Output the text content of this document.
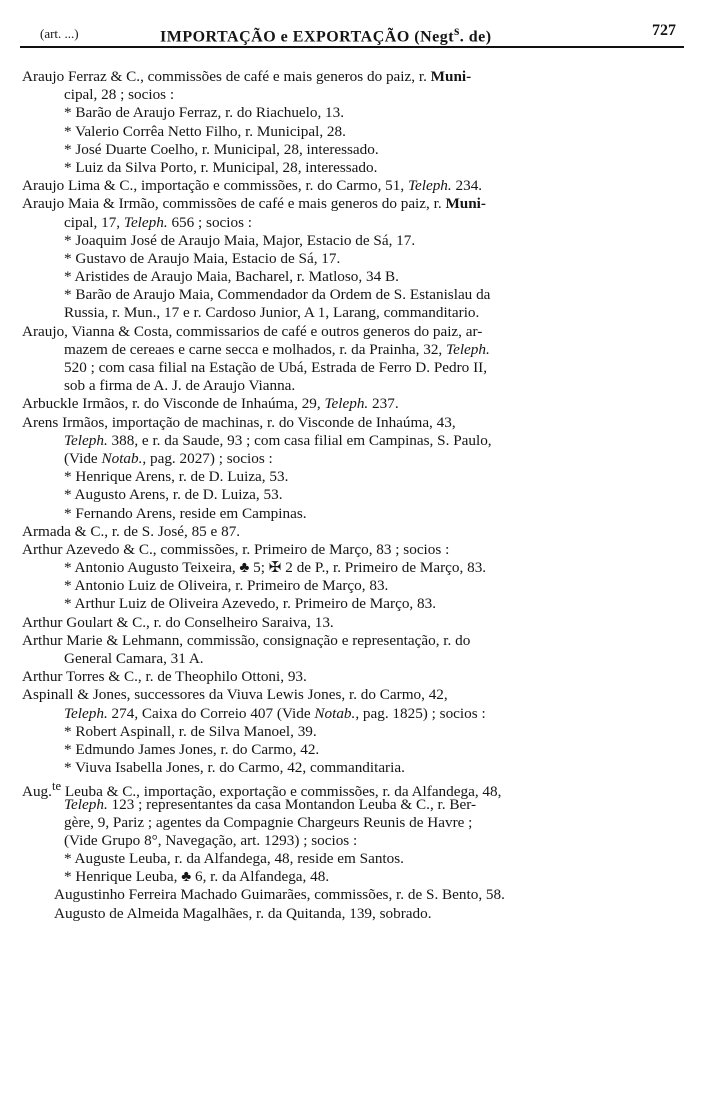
(art. ...)	IMPORTAÇÃO e EXPORTAÇÃO (Negt$^s$. de)	727
Araujo Ferraz & C., commissões de café e mais generos do paiz, r. Muni-
cipal, 28 ; socios :
* Barão de Araujo Ferraz, r. do Riachuelo, 13.
* Valerio Corrêa Netto Filho, r. Municipal, 28.
* José Duarte Coelho, r. Municipal, 28, interessado.
* Luiz da Silva Porto, r. Municipal, 28, interessado.
Araujo Lima & C., importação e commissões, r. do Carmo, 51, Teleph. 234.
Araujo Maia & Irmão, commissões de café e mais generos do paiz, r. Muni-
cipal, 17, Teleph. 656 ; socios :
* Joaquim José de Araujo Maia, Major, Estacio de Sá, 17.
* Gustavo de Araujo Maia, Estacio de Sá, 17.
* Aristides de Araujo Maia, Bacharel, r. Matloso, 34 B.
* Barão de Araujo Maia, Commendador da Ordem de S. Estanislau da
Russia, r. Mun., 17 e r. Cardoso Junior, A 1, Larang, commanditario.
Araujo, Vianna & Costa, commissarios de café e outros generos do paiz, ar-
mazem de cereaes e carne secca e molhados, r. da Prainha, 32, Teleph.
520 ; com casa filial na Estação de Ubá, Estrada de Ferro D. Pedro II,
sob a firma de A. J. de Araujo Vianna.
Arbuckle Irmãos, r. do Visconde de Inhaúma, 29, Teleph. 237.
Arens Irmãos, importação de machinas, r. do Visconde de Inhaúma, 43,
Teleph. 388, e r. da Saude, 93 ; com casa filial em Campinas, S. Paulo,
(Vide Notab., pag. 2027) ; socios :
* Henrique Arens, r. de D. Luiza, 53.
* Augusto Arens, r. de D. Luiza, 53.
* Fernando Arens, reside em Campinas.
Armada & C., r. de S. José, 85 e 87.
Arthur Azevedo & C., commissões, r. Primeiro de Março, 83 ; socios :
* Antonio Augusto Teixeira, ♣ 5; ✠ 2 de P., r. Primeiro de Março, 83.
* Antonio Luiz de Oliveira, r. Primeiro de Março, 83.
* Arthur Luiz de Oliveira Azevedo, r. Primeiro de Março, 83.
Arthur Goulart & C., r. do Conselheiro Saraiva, 13.
Arthur Marie & Lehmann, commissão, consignação e representação, r. do
General Camara, 31 A.
Arthur Torres & C., r. de Theophilo Ottoni, 93.
Aspinall & Jones, successores da Viuva Lewis Jones, r. do Carmo, 42,
Teleph. 274, Caixa do Correio 407 (Vide Notab., pag. 1825) ; socios :
* Robert Aspinall, r. de Silva Manoel, 39.
* Edmundo James Jones, r. do Carmo, 42.
* Viuva Isabella Jones, r. do Carmo, 42, commanditaria.
Aug.$^{te}$ Leuba & C., importação, exportação e commissões, r. da Alfandega, 48,
Teleph. 123 ; representantes da casa Montandon Leuba & C., r. Ber-
gère, 9, Pariz ; agentes da Compagnie Chargeurs Reunis de Havre ;
(Vide Grupo 8°, Navegação, art. 1293) ; socios :
* Auguste Leuba, r. da Alfandega, 48, reside em Santos.
* Henrique Leuba, ♣ 6, r. da Alfandega, 48.
Augustinho Ferreira Machado Guimarães, commissões, r. de S. Bento, 58.
Augusto de Almeida Magalhães, r. da Quitanda, 139, sobrado.
